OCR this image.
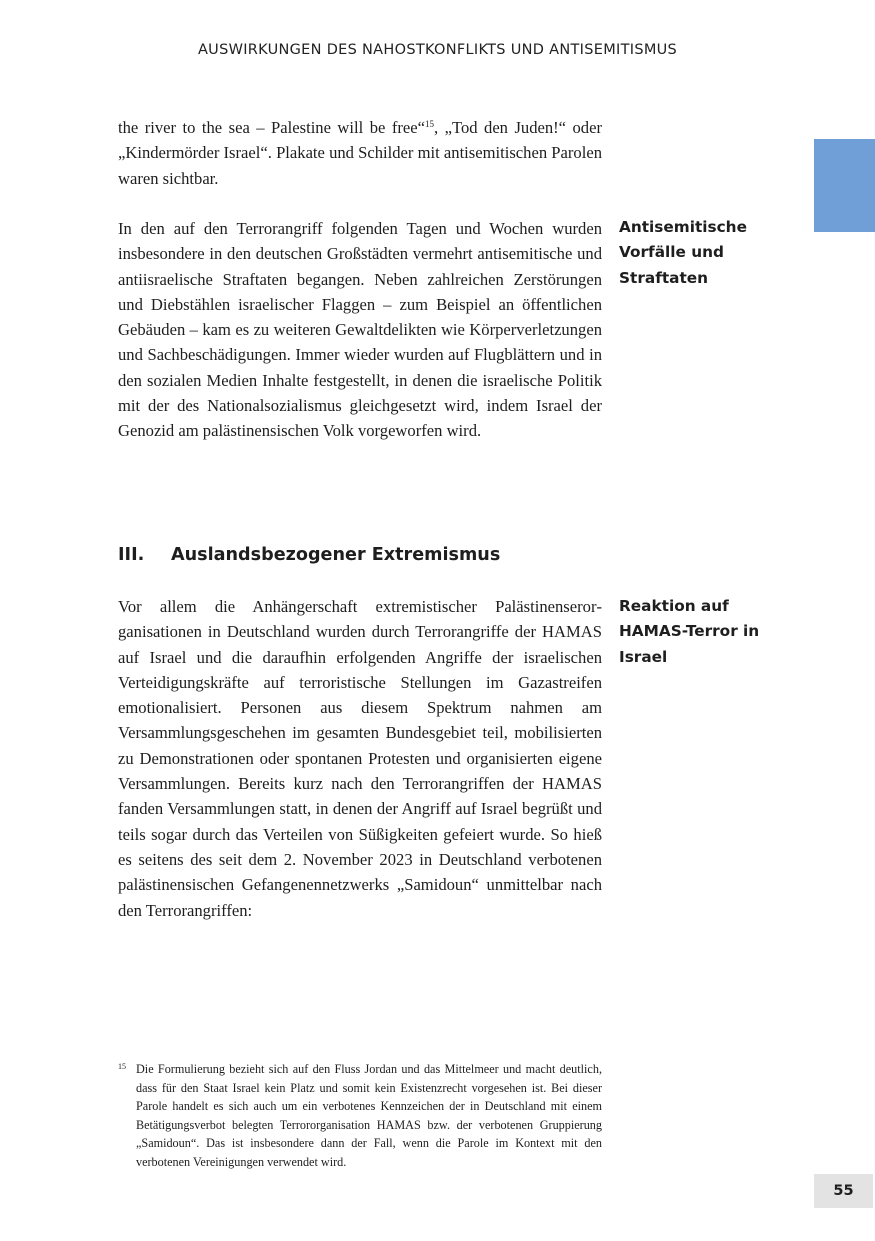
AUSWIRKUNGEN DES NAHOSTKONFLIKTS UND ANTISEMITISMUS

the river to the sea – Palestine will be free“$^{15}$, „Tod den Juden!“ oder „Kindermörder Israel“. Plakate und Schilder mit antisemitischen Parolen waren sichtbar.

In den auf den Terrorangriff folgenden Tagen und Wochen wurden insbesondere in den deutschen Großstädten vermehrt antisemitische und antiisraelische Straftaten begangen. Neben zahlreichen Zerstörungen und Diebstählen israelischer Flaggen – zum Beispiel an öffentlichen Gebäuden – kam es zu weiteren Gewaltdelikten wie Körperverletzungen und Sachbeschädigungen. Immer wieder wurden auf Flugblättern und in den sozialen Medien Inhalte festgestellt, in denen die israelische Politik mit der des Nationalsozialismus gleichgesetzt wird, indem Israel der Genozid am palästinensischen Volk vorgeworfen wird.

Antisemitische Vorfälle und Straftaten
III. Auslandsbezogener Extremismus

Vor allem die Anhängerschaft extremistischer Palästinenserorganisationen in Deutschland wurden durch Terrorangriffe der HAMAS auf Israel und die daraufhin erfolgenden Angriffe der israelischen Verteidigungskräfte auf terroristische Stellungen im Gazastreifen emotionalisiert. Personen aus diesem Spektrum nahmen am Versammlungsgeschehen im gesamten Bundesgebiet teil, mobilisierten zu Demonstrationen oder spontanen Protesten und organisierten eigene Versammlungen. Bereits kurz nach den Terrorangriffen der HAMAS fanden Versammlungen statt, in denen der Angriff auf Israel begrüßt und teils sogar durch das Verteilen von Süßigkeiten gefeiert wurde. So hieß es seitens des seit dem 2. November 2023 in Deutschland verbotenen palästinensischen Gefangenennetzwerks „Samidoun“ unmittelbar nach den Terrorangriffen:

Reaktion auf HAMAS-Terror in Israel
15 Die Formulierung bezieht sich auf den Fluss Jordan und das Mittelmeer und macht deutlich, dass für den Staat Israel kein Platz und somit kein Existenzrecht vorgesehen ist. Bei dieser Parole handelt es sich auch um ein verbotenes Kennzeichen der in Deutschland mit einem Betätigungsverbot belegten Terrororganisation HAMAS bzw. der verbotenen Gruppierung „Samidoun“. Das ist insbesondere dann der Fall, wenn die Parole im Kontext mit den verbotenen Vereinigungen verwendet wird.
55
